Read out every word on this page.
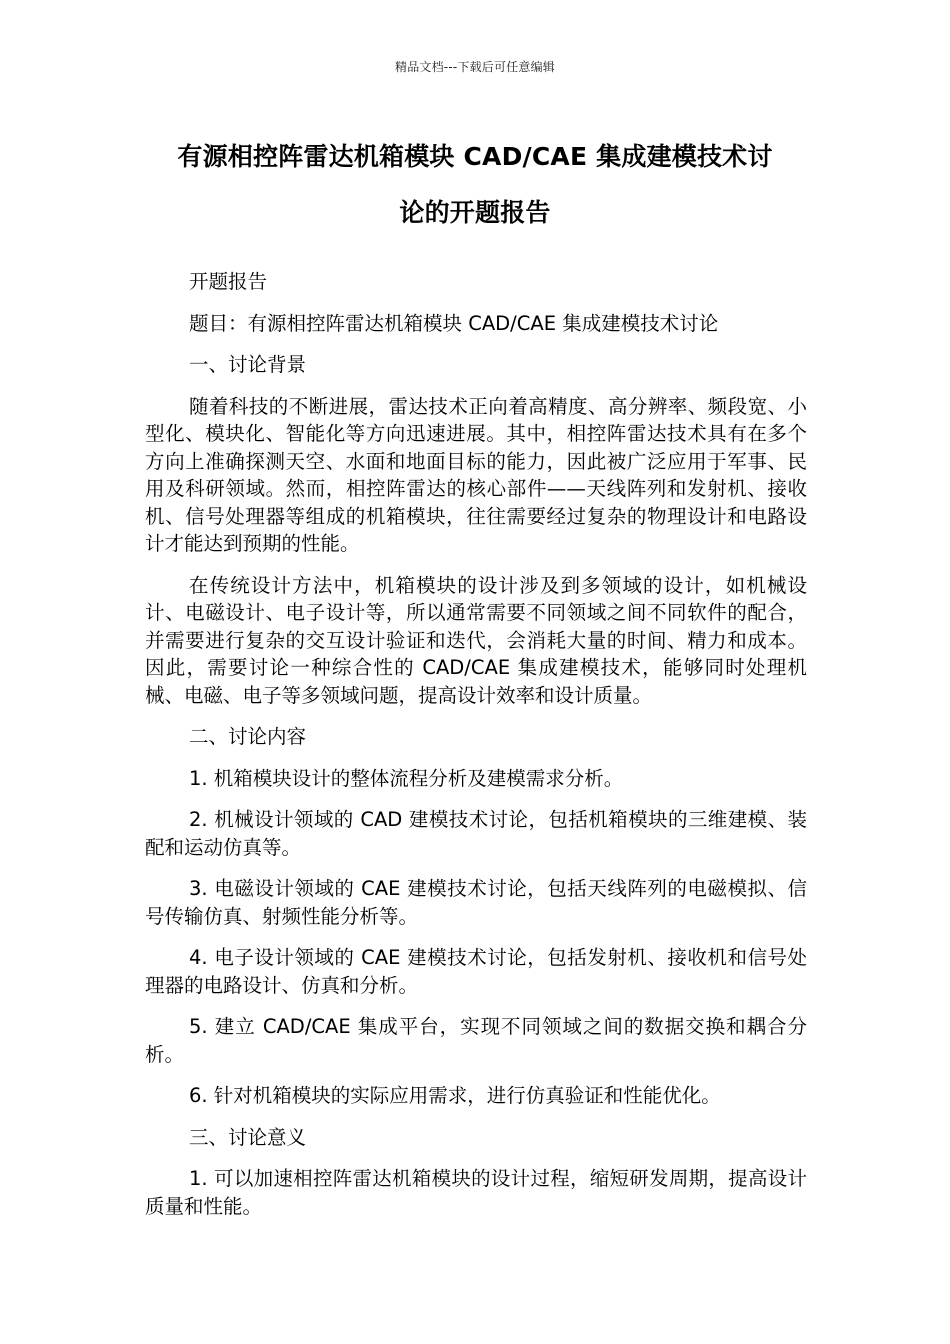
精品文档---下载后可任意编辑
有源相控阵雷达机箱模块 CAD/CAE 集成建模技术讨
论的开题报告

开题报告

题目：有源相控阵雷达机箱模块 CAD/CAE 集成建模技术讨论

一、讨论背景

随着科技的不断进展，雷达技术正向着高精度、高分辨率、频段宽、小型化、模块化、智能化等方向迅速进展。其中，相控阵雷达技术具有在多个方向上准确探测天空、水面和地面目标的能力，因此被广泛应用于军事、民用及科研领域。然而，相控阵雷达的核心部件——天线阵列和发射机、接收机、信号处理器等组成的机箱模块，往往需要经过复杂的物理设计和电路设计才能达到预期的性能。

在传统设计方法中，机箱模块的设计涉及到多领域的设计，如机械设计、电磁设计、电子设计等，所以通常需要不同领域之间不同软件的配合，并需要进行复杂的交互设计验证和迭代，会消耗大量的时间、精力和成本。因此，需要讨论一种综合性的 CAD/CAE 集成建模技术，能够同时处理机械、电磁、电子等多领域问题，提高设计效率和设计质量。

二、讨论内容

1. 机箱模块设计的整体流程分析及建模需求分析。

2. 机械设计领域的 CAD 建模技术讨论，包括机箱模块的三维建模、装配和运动仿真等。

3. 电磁设计领域的 CAE 建模技术讨论，包括天线阵列的电磁模拟、信号传输仿真、射频性能分析等。

4. 电子设计领域的 CAE 建模技术讨论，包括发射机、接收机和信号处理器的电路设计、仿真和分析。

5. 建立 CAD/CAE 集成平台，实现不同领域之间的数据交换和耦合分析。

6. 针对机箱模块的实际应用需求，进行仿真验证和性能优化。

三、讨论意义

1. 可以加速相控阵雷达机箱模块的设计过程，缩短研发周期，提高设计质量和性能。
